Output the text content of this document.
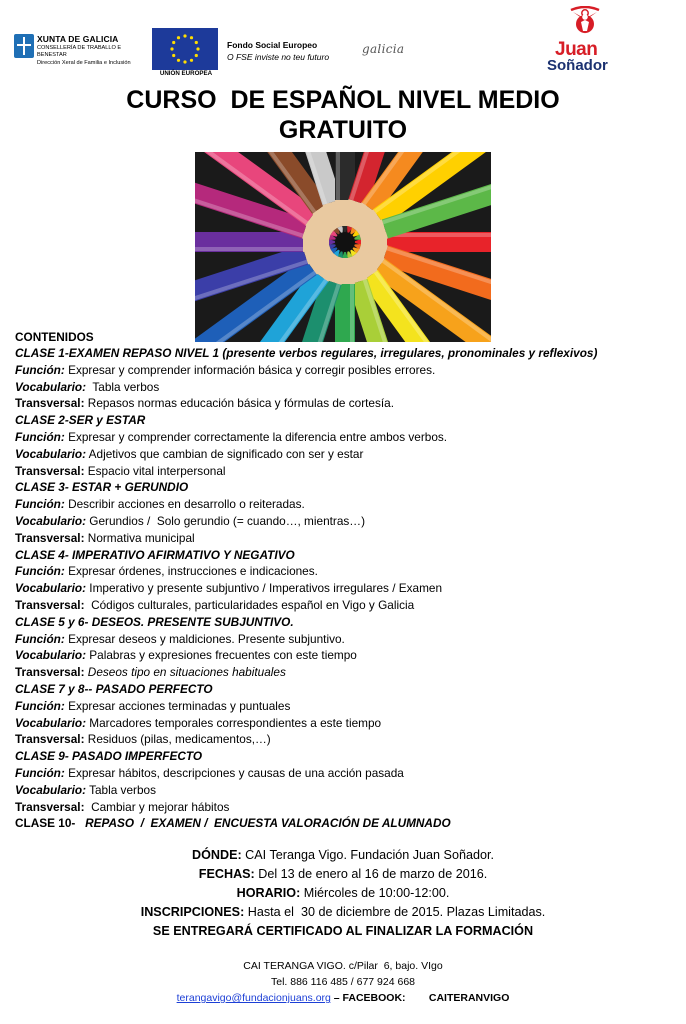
XUNTA DE GALICIA
CONSELLERÍA DE TRABALLO E BENESTAR
Dirección Xeral de Familia e Inclusión
UNIÓN EUROPEA
Fondo Social Europeo
O FSE inviste no teu futuro
galicia	Juan
Soñador
CURSO  DE ESPAÑOL NIVEL MEDIO
GRATUITO
CONTENIDOS
CLASE 1-EXAMEN REPASO NIVEL 1 (presente verbos regulares, irregulares, pronominales y reflexivos)
Función: Expresar y comprender información básica y corregir posibles errores.
Vocabulario:  Tabla verbos
Transversal: Repasos normas educación básica y fórmulas de cortesía.
CLASE 2-SER y ESTAR
Función: Expresar y comprender correctamente la diferencia entre ambos verbos.
Vocabulario: Adjetivos que cambian de significado con ser y estar
Transversal: Espacio vital interpersonal
CLASE 3- ESTAR + GERUNDIO
Función: Describir acciones en desarrollo o reiteradas.
Vocabulario: Gerundios /  Solo gerundio (= cuando…, mientras…)
Transversal: Normativa municipal
CLASE 4- IMPERATIVO AFIRMATIVO Y NEGATIVO
Función: Expresar órdenes, instrucciones e indicaciones.
Vocabulario: Imperativo y presente subjuntivo / Imperativos irregulares / Examen
Transversal:  Códigos culturales, particularidades español en Vigo y Galicia
CLASE 5 y 6- DESEOS. PRESENTE SUBJUNTIVO.
Función: Expresar deseos y maldiciones. Presente subjuntivo.
Vocabulario: Palabras y expresiones frecuentes con este tiempo
Transversal: Deseos tipo en situaciones habituales
CLASE 7 y 8-- PASADO PERFECTO
Función: Expresar acciones terminadas y puntuales
Vocabulario: Marcadores temporales correspondientes a este tiempo
Transversal: Residuos (pilas, medicamentos,…)
CLASE 9- PASADO IMPERFECTO
Función: Expresar hábitos, descripciones y causas de una acción pasada
Vocabulario: Tabla verbos
Transversal:  Cambiar y mejorar hábitos
CLASE 10-   REPASO  /  EXAMEN /  ENCUESTA VALORACIÓN DE ALUMNADO
DÓNDE: CAI Teranga Vigo. Fundación Juan Soñador.
FECHAS: Del 13 de enero al 16 de marzo de 2016.
HORARIO: Miércoles de 10:00-12:00.
INSCRIPCIONES: Hasta el  30 de diciembre de 2015. Plazas Limitadas.
SE ENTREGARÁ CERTIFICADO AL FINALIZAR LA FORMACIÓN
CAI TERANGA VIGO. c/Pilar  6, bajo. VIgo
Tel. 886 116 485 / 677 924 668
terangavigo@fundacionjuans.org – FACEBOOK:        CAITERANVIGO
